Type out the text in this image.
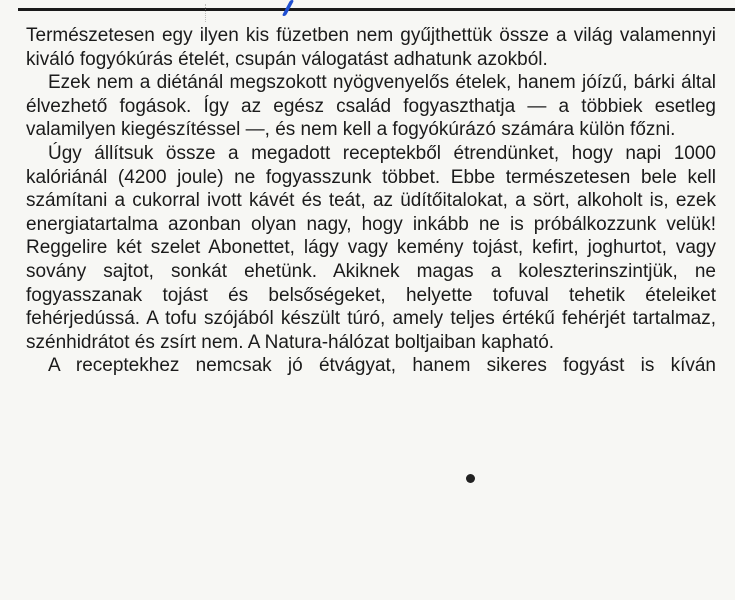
Természetesen egy ilyen kis füzetben nem gyűjthettük össze a világ valamennyi kiváló fogyókúrás ételét, csupán válogatást adhatunk azokból.

Ezek nem a diétánál megszokott nyögvenyelős ételek, hanem jóízű, bárki által élvezhető fogások. Így az egész család fogyaszthatja — a többiek esetleg valamilyen kiegészítéssel —, és nem kell a fogyókúrázó számára külön főzni.

Úgy állítsuk össze a megadott receptekből étrendünket, hogy napi 1000 kalóriánál (4200 joule) ne fogyasszunk többet. Ebbe természetesen bele kell számítani a cukorral ivott kávét és teát, az üdítőitalokat, a sört, alkoholt is, ezek energiatartalma azonban olyan nagy, hogy inkább ne is próbálkozzunk velük! Reggelire két szelet Abonettet, lágy vagy kemény tojást, kefirt, joghurtot, vagy sovány sajtot, sonkát ehetünk. Akiknek magas a koleszterinszintjük, ne fogyasszanak tojást és belsőségeket, helyette tofuval tehetik ételeiket fehérjedússá. A tofu szójából készült túró, amely teljes értékű fehérjét tartalmaz, szénhidrátot és zsírt nem. A Natura-hálózat boltjaiban kapható.

A receptekhez nemcsak jó étvágyat, hanem sikeres fogyást is kíván
